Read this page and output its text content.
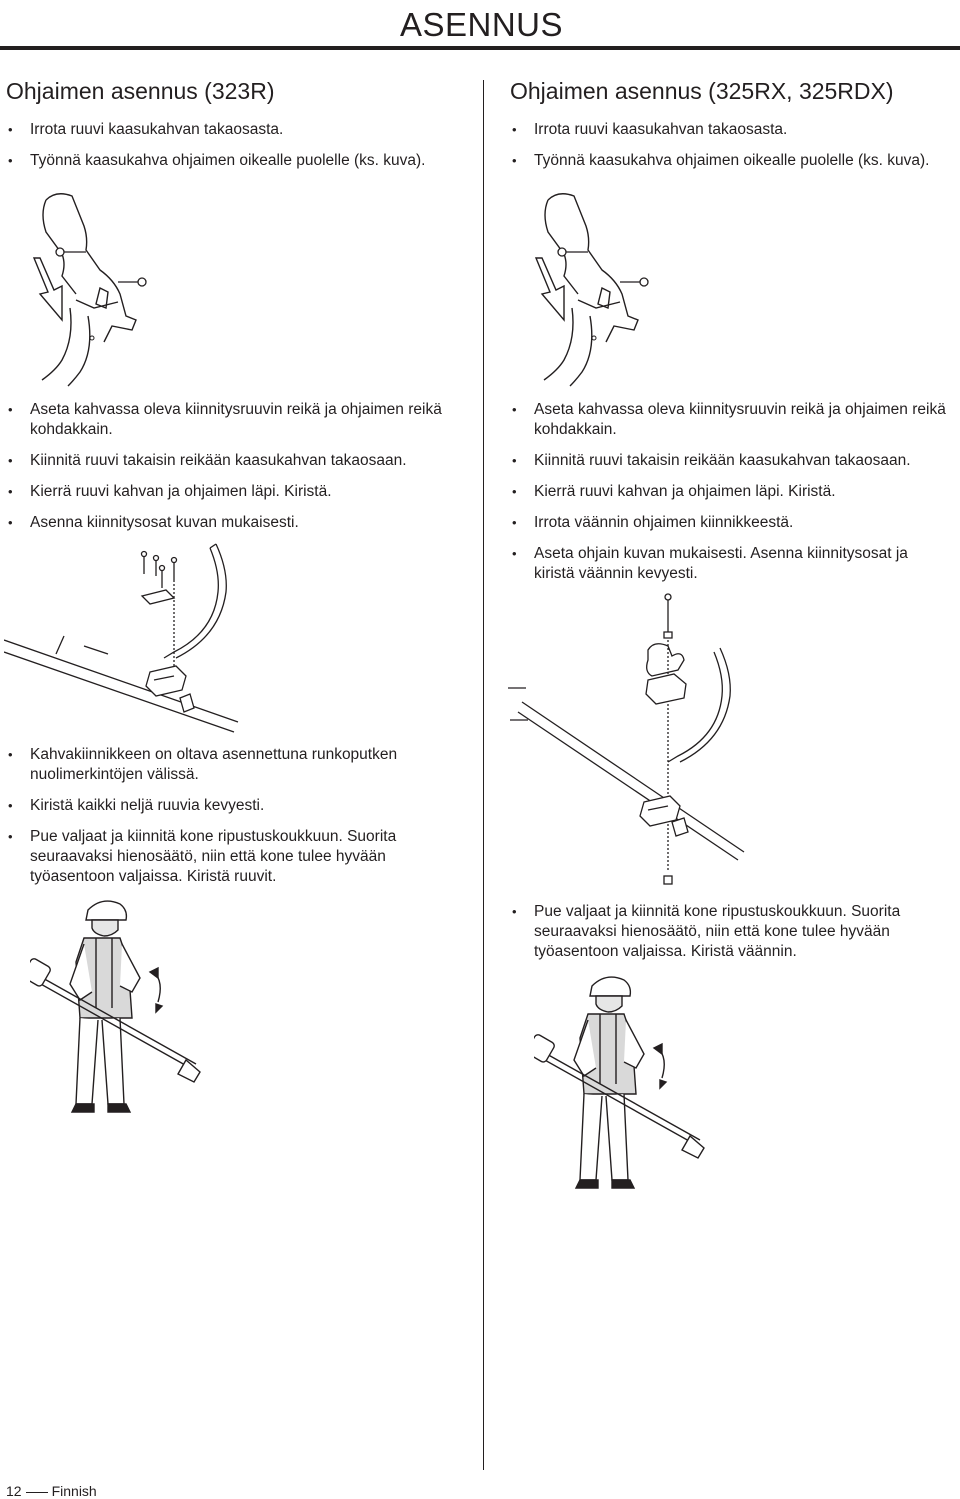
ASENNUS
Ohjaimen asennus (323R)
• Irrota ruuvi kaasukahvan takaosasta.
• Työnnä kaasukahva ohjaimen oikealle puolelle (ks. kuva).
• Aseta kahvassa oleva kiinnitysruuvin reikä ja ohjaimen reikä kohdakkain.
• Kiinnitä ruuvi takaisin reikään kaasukahvan takaosaan.
• Kierrä ruuvi kahvan ja ohjaimen läpi. Kiristä.
• Asenna kiinnitysosat kuvan mukaisesti.
• Kahvakiinnikkeen on oltava asennettuna runkoputken nuolimerkintöjen välissä.
• Kiristä kaikki neljä ruuvia kevyesti.
• Pue valjaat ja kiinnitä kone ripustuskoukkuun. Suorita seuraavaksi hienosäätö, niin että kone tulee hyvään työasentoon valjaissa. Kiristä ruuvit.
Ohjaimen asennus (325RX, 325RDX)
• Irrota ruuvi kaasukahvan takaosasta.
• Työnnä kaasukahva ohjaimen oikealle puolelle (ks. kuva).
• Aseta kahvassa oleva kiinnitysruuvin reikä ja ohjaimen reikä kohdakkain.
• Kiinnitä ruuvi takaisin reikään kaasukahvan takaosaan.
• Kierrä ruuvi kahvan ja ohjaimen läpi. Kiristä.
• Irrota väännin ohjaimen kiinnikkeestä.
• Aseta ohjain kuvan mukaisesti. Asenna kiinnitysosat ja kiristä väännin kevyesti.
• Pue valjaat ja kiinnitä kone ripustuskoukkuun. Suorita seuraavaksi hienosäätö, niin että kone tulee hyvään työasentoon valjaissa. Kiristä väännin.
12 Finnish
